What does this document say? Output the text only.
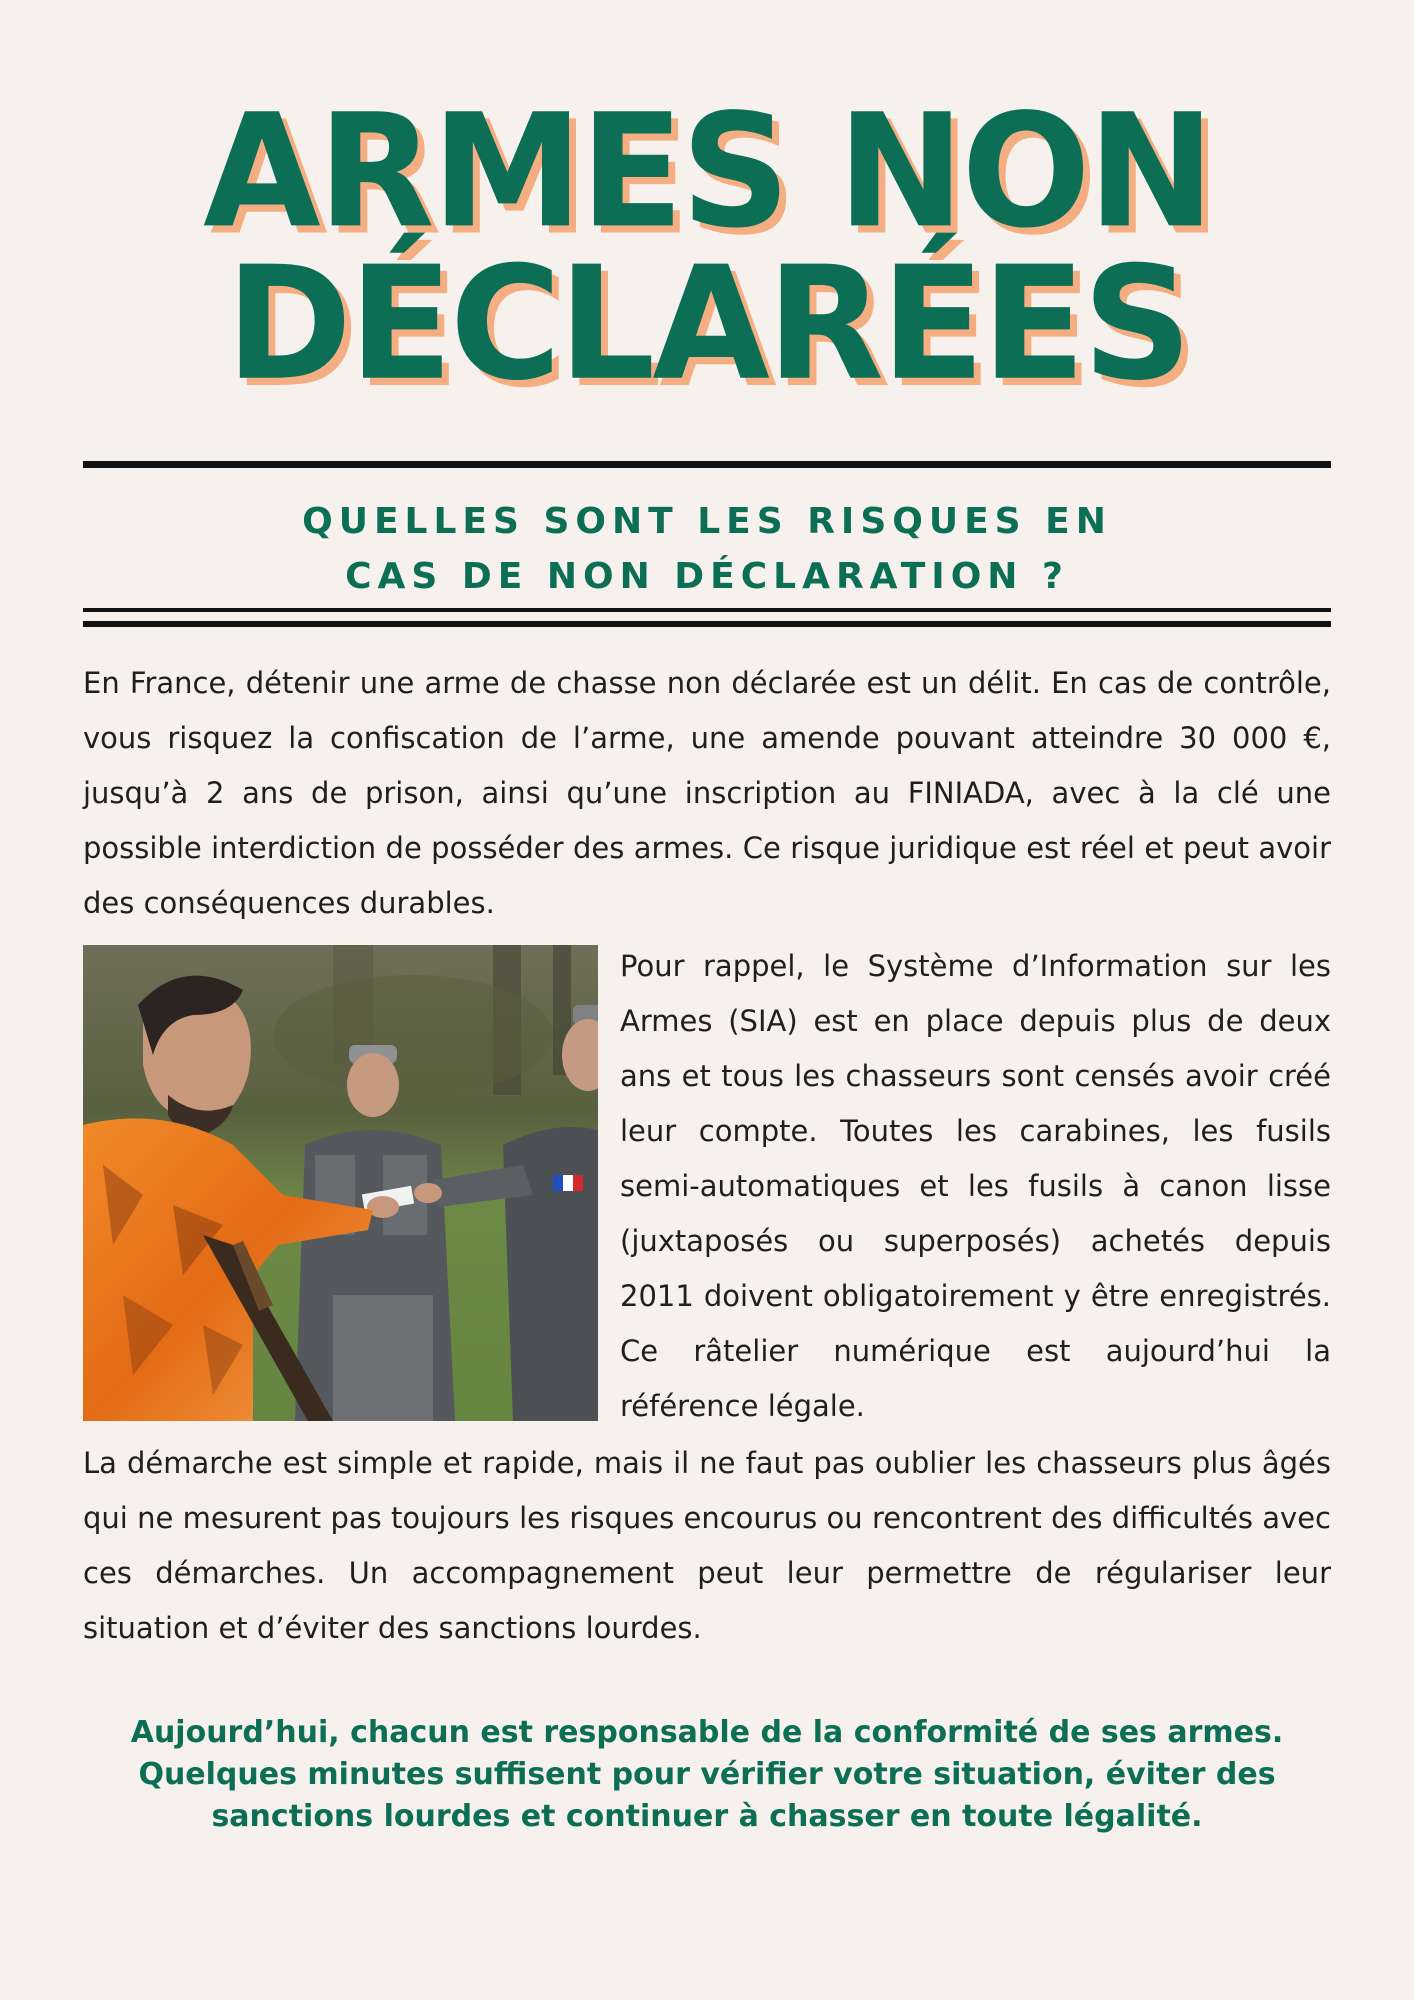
ARMES NON
DÉCLARÉES
QUELLES SONT LES RISQUES EN
CAS DE NON DÉCLARATION ?

En France, détenir une arme de chasse non déclarée est un délit. En cas de contrôle, vous risquez la confiscation de l’arme, une amende pouvant atteindre 30 000 €, jusqu’à 2 ans de prison, ainsi qu’une inscription au FINIADA, avec à la clé une possible interdiction de posséder des armes. Ce risque juridique est réel et peut avoir des conséquences durables.

Pour rappel, le Système d’Information sur les Armes (SIA) est en place depuis plus de deux ans et tous les chasseurs sont censés avoir créé leur compte. Toutes les carabines, les fusils semi-automatiques et les fusils à canon lisse (juxtaposés ou superposés) achetés depuis 2011 doivent obligatoirement y être enregistrés. Ce râtelier numérique est aujourd’hui la référence légale.

La démarche est simple et rapide, mais il ne faut pas oublier les chasseurs plus âgés qui ne mesurent pas toujours les risques encourus ou rencontrent des difficultés avec ces démarches. Un accompagnement peut leur permettre de régulariser leur situation et d’éviter des sanctions lourdes.

Aujourd’hui, chacun est responsable de la conformité de ses armes.
Quelques minutes suffisent pour vérifier votre situation, éviter des
sanctions lourdes et continuer à chasser en toute légalité.
